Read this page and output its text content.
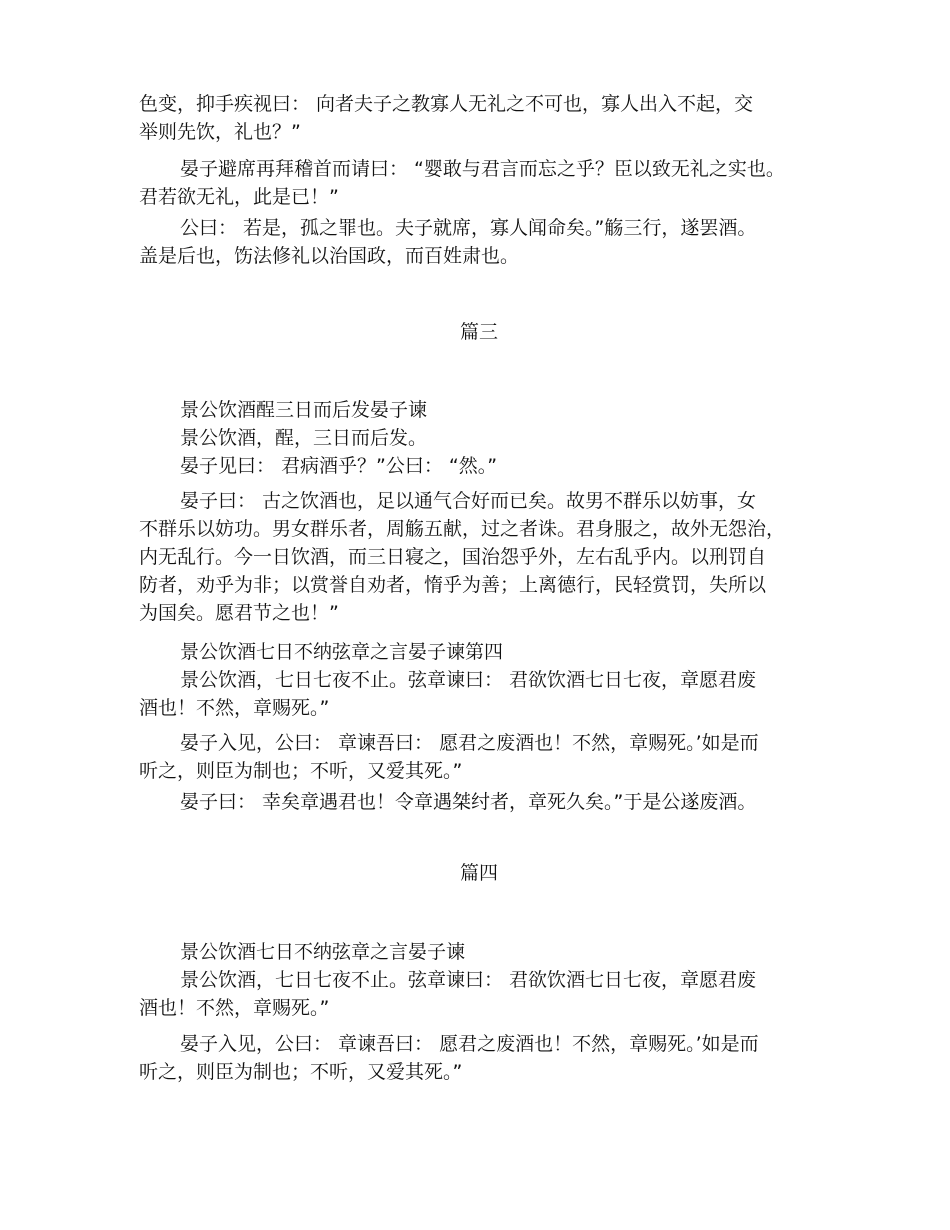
色变，抑手疾视曰： 向者夫子之教寡人无礼之不可也，寡人出入不起，交
举则先饮，礼也？”
晏子避席再拜稽首而请曰： “婴敢与君言而忘之乎？臣以致无礼之实也。
君若欲无礼，此是已！”
公曰： 若是，孤之罪也。夫子就席，寡人闻命矣。”觞三行，遂罢酒。
盖是后也，饬法修礼以治国政，而百姓肃也。
篇三
景公饮酒酲三日而后发晏子谏
景公饮酒，酲，三日而后发。
晏子见曰： 君病酒乎？”公曰： “然。”
晏子曰： 古之饮酒也，足以通气合好而已矣。故男不群乐以妨事，女
不群乐以妨功。男女群乐者，周觞五献，过之者诛。君身服之，故外无怨治，
内无乱行。今一日饮酒，而三日寝之，国治怨乎外，左右乱乎内。以刑罚自
防者，劝乎为非；以赏誉自劝者，惰乎为善；上离德行，民轻赏罚，失所以
为国矣。愿君节之也！”
景公饮酒七日不纳弦章之言晏子谏第四
景公饮酒，七日七夜不止。弦章谏曰： 君欲饮酒七日七夜，章愿君废
酒也！不然，章赐死。”
晏子入见，公曰： 章谏吾曰： 愿君之废酒也！不然，章赐死。’如是而
听之，则臣为制也；不听，又爱其死。”
晏子曰： 幸矣章遇君也！令章遇桀纣者，章死久矣。”于是公遂废酒。
篇四
景公饮酒七日不纳弦章之言晏子谏
景公饮酒，七日七夜不止。弦章谏曰： 君欲饮酒七日七夜，章愿君废
酒也！不然，章赐死。”
晏子入见，公曰： 章谏吾曰： 愿君之废酒也！不然，章赐死。’如是而
听之，则臣为制也；不听，又爱其死。”
